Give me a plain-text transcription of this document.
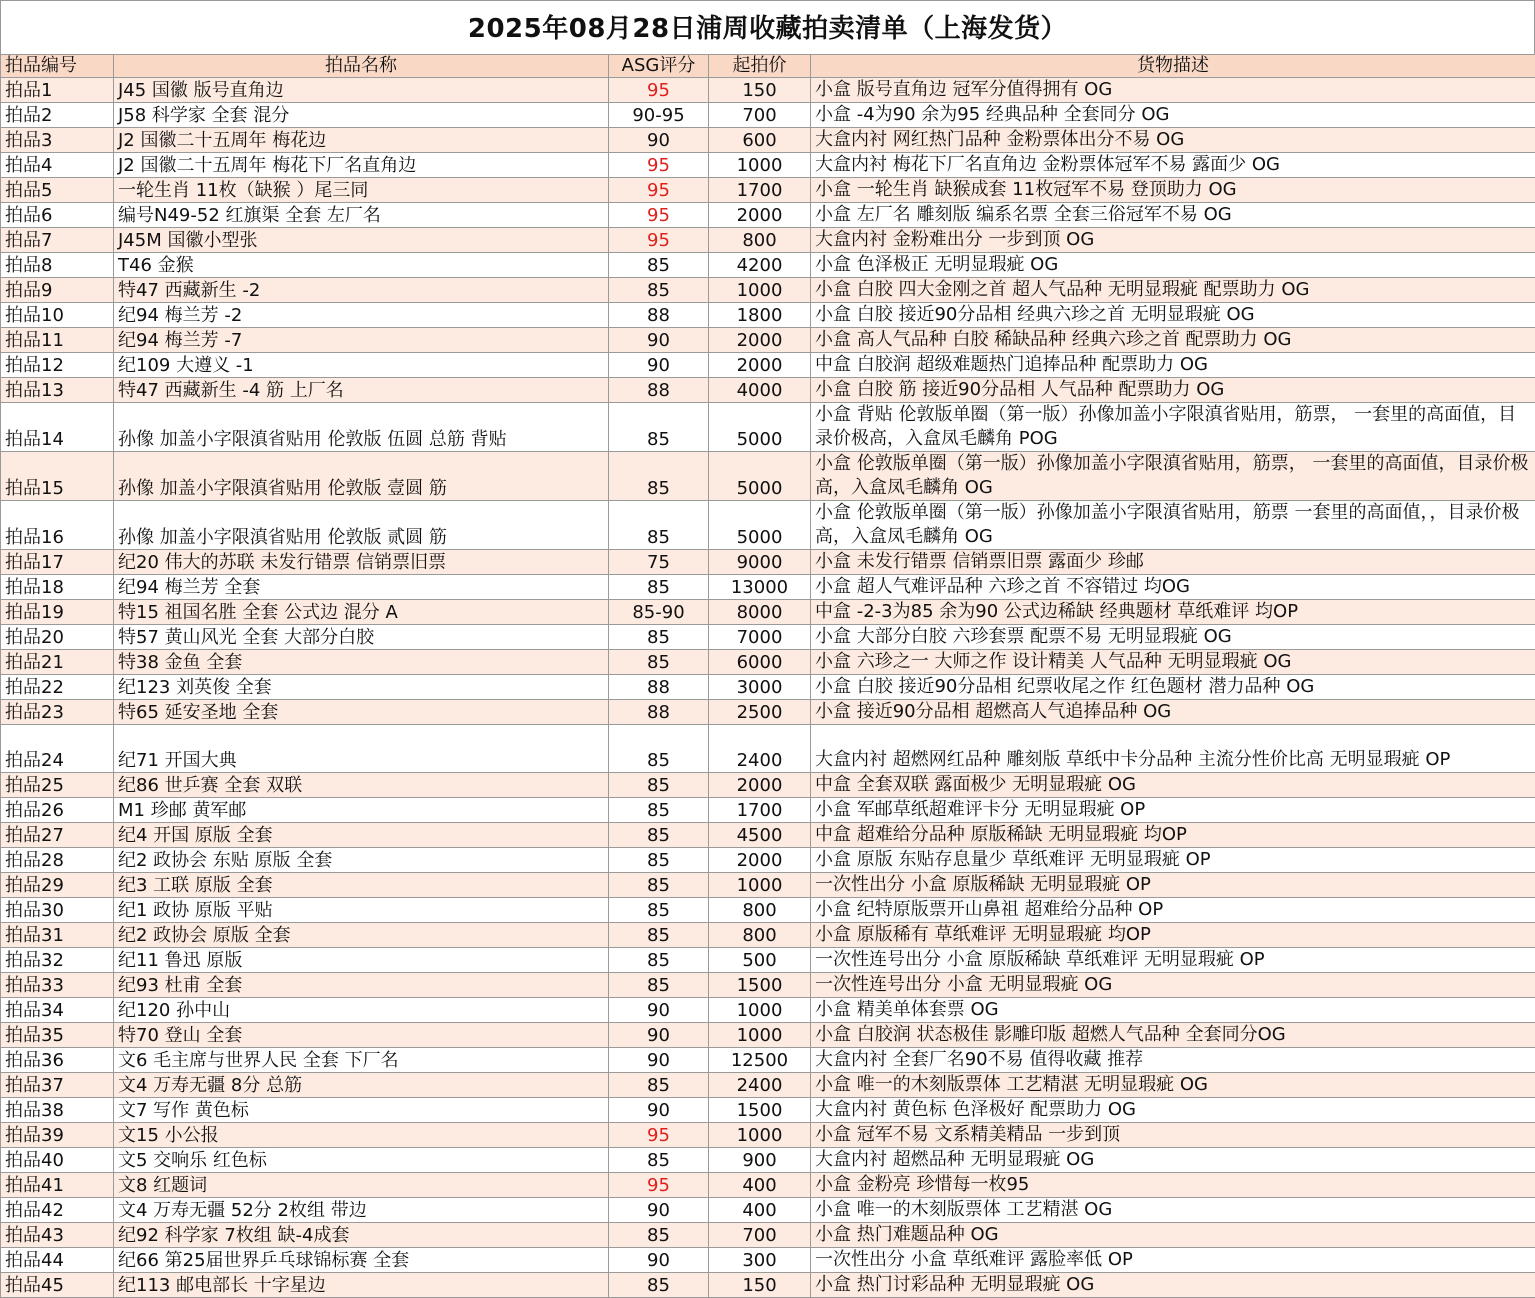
2025年08月28日浦周收藏拍卖清单（上海发货）
拍品编号	拍品名称	ASG评分	起拍价	货物描述
拍品1	J45 国徽 版号直角边	95	150	小盒 版号直角边 冠军分值得拥有 OG
拍品2	J58 科学家 全套 混分	90-95	700	小盒 -4为90 余为95 经典品种 全套同分 OG
拍品3	J2 国徽二十五周年 梅花边	90	600	大盒内衬 网红热门品种 金粉票体出分不易 OG
拍品4	J2 国徽二十五周年 梅花下厂名直角边	95	1000	大盒内衬 梅花下厂名直角边 金粉票体冠军不易 露面少 OG
拍品5	一轮生肖 11枚（缺猴 ）尾三同	95	1700	小盒 一轮生肖 缺猴成套 11枚冠军不易 登顶助力 OG
拍品6	编号N49-52 红旗渠 全套 左厂名	95	2000	小盒 左厂名 雕刻版 编系名票 全套三俗冠军不易 OG
拍品7	J45M 国徽小型张	95	800	大盒内衬 金粉难出分 一步到顶 OG
拍品8	T46 金猴	85	4200	小盒 色泽极正 无明显瑕疵 OG
拍品9	特47 西藏新生 -2	85	1000	小盒 白胶 四大金刚之首 超人气品种 无明显瑕疵 配票助力 OG
拍品10	纪94 梅兰芳 -2	88	1800	小盒 白胶 接近90分品相 经典六珍之首 无明显瑕疵 OG
拍品11	纪94 梅兰芳 -7	90	2000	小盒 高人气品种 白胶 稀缺品种 经典六珍之首 配票助力 OG
拍品12	纪109 大遵义 -1	90	2000	中盒 白胶润 超级难题热门追捧品种 配票助力 OG
拍品13	特47 西藏新生 -4 筋 上厂名	88	4000	小盒 白胶 筋 接近90分品相 人气品种 配票助力 OG
拍品14	孙像 加盖小字限滇省贴用 伦敦版 伍圆 总筋 背贴	85	5000	小盒 背贴 伦敦版单圈（第一版）孙像加盖小字限滇省贴用，筋票， 一套里的高面值，目录价极高，入盒凤毛麟角 POG
拍品15	孙像 加盖小字限滇省贴用 伦敦版 壹圆 筋	85	5000	小盒 伦敦版单圈（第一版）孙像加盖小字限滇省贴用，筋票， 一套里的高面值，目录价极高，入盒凤毛麟角 OG
拍品16	孙像 加盖小字限滇省贴用 伦敦版 贰圆 筋	85	5000	小盒 伦敦版单圈（第一版）孙像加盖小字限滇省贴用，筋票 一套里的高面值，，目录价极高，入盒凤毛麟角 OG
拍品17	纪20 伟大的苏联 未发行错票 信销票旧票	75	9000	小盒 未发行错票 信销票旧票 露面少 珍邮
拍品18	纪94 梅兰芳 全套	85	13000	小盒 超人气难评品种 六珍之首 不容错过 均OG
拍品19	特15 祖国名胜 全套 公式边 混分 A	85-90	8000	中盒 -2-3为85 余为90 公式边稀缺 经典题材 草纸难评 均OP
拍品20	特57 黄山风光 全套 大部分白胶	85	7000	小盒 大部分白胶 六珍套票 配票不易 无明显瑕疵 OG
拍品21	特38 金鱼 全套	85	6000	小盒 六珍之一 大师之作 设计精美 人气品种 无明显瑕疵 OG
拍品22	纪123 刘英俊 全套	88	3000	小盒 白胶 接近90分品相 纪票收尾之作 红色题材 潜力品种 OG
拍品23	特65 延安圣地 全套	88	2500	小盒 接近90分品相 超燃高人气追捧品种 OG
拍品24	纪71 开国大典	85	2400	大盒内衬 超燃网红品种 雕刻版 草纸中卡分品种 主流分性价比高 无明显瑕疵 OP
拍品25	纪86 世乒赛 全套 双联	85	2000	中盒 全套双联 露面极少 无明显瑕疵 OG
拍品26	M1 珍邮 黄军邮	85	1700	小盒 军邮草纸超难评卡分 无明显瑕疵 OP
拍品27	纪4 开国 原版 全套	85	4500	中盒 超难给分品种 原版稀缺 无明显瑕疵 均OP
拍品28	纪2 政协会 东贴 原版 全套	85	2000	小盒 原版 东贴存息量少 草纸难评 无明显瑕疵 OP
拍品29	纪3 工联 原版 全套	85	1000	一次性出分 小盒 原版稀缺 无明显瑕疵 OP
拍品30	纪1 政协 原版 平贴	85	800	小盒 纪特原版票开山鼻祖 超难给分品种 OP
拍品31	纪2 政协会 原版 全套	85	800	小盒 原版稀有 草纸难评 无明显瑕疵 均OP
拍品32	纪11 鲁迅 原版	85	500	一次性连号出分 小盒 原版稀缺 草纸难评 无明显瑕疵 OP
拍品33	纪93 杜甫 全套	85	1500	一次性连号出分 小盒 无明显瑕疵 OG
拍品34	纪120 孙中山	90	1000	小盒 精美单体套票 OG
拍品35	特70 登山 全套	90	1000	小盒 白胶润 状态极佳 影雕印版 超燃人气品种 全套同分OG
拍品36	文6 毛主席与世界人民 全套 下厂名	90	12500	大盒内衬 全套厂名90不易 值得收藏 推荐
拍品37	文4 万寿无疆 8分 总筋	85	2400	小盒 唯一的木刻版票体 工艺精湛 无明显瑕疵 OG
拍品38	文7 写作 黄色标	90	1500	大盒内衬 黄色标 色泽极好 配票助力 OG
拍品39	文15 小公报	95	1000	小盒 冠军不易 文系精美精品 一步到顶
拍品40	文5 交响乐 红色标	85	900	大盒内衬 超燃品种 无明显瑕疵 OG
拍品41	文8 红题词	95	400	小盒 金粉亮 珍惜每一枚95
拍品42	文4 万寿无疆 52分 2枚组 带边	90	400	小盒 唯一的木刻版票体 工艺精湛 OG
拍品43	纪92 科学家 7枚组 缺-4成套	85	700	小盒 热门难题品种 OG
拍品44	纪66 第25届世界乒乓球锦标赛 全套	90	300	一次性出分 小盒 草纸难评 露脸率低 OP
拍品45	纪113 邮电部长 十字星边	85	150	小盒 热门讨彩品种 无明显瑕疵 OG
